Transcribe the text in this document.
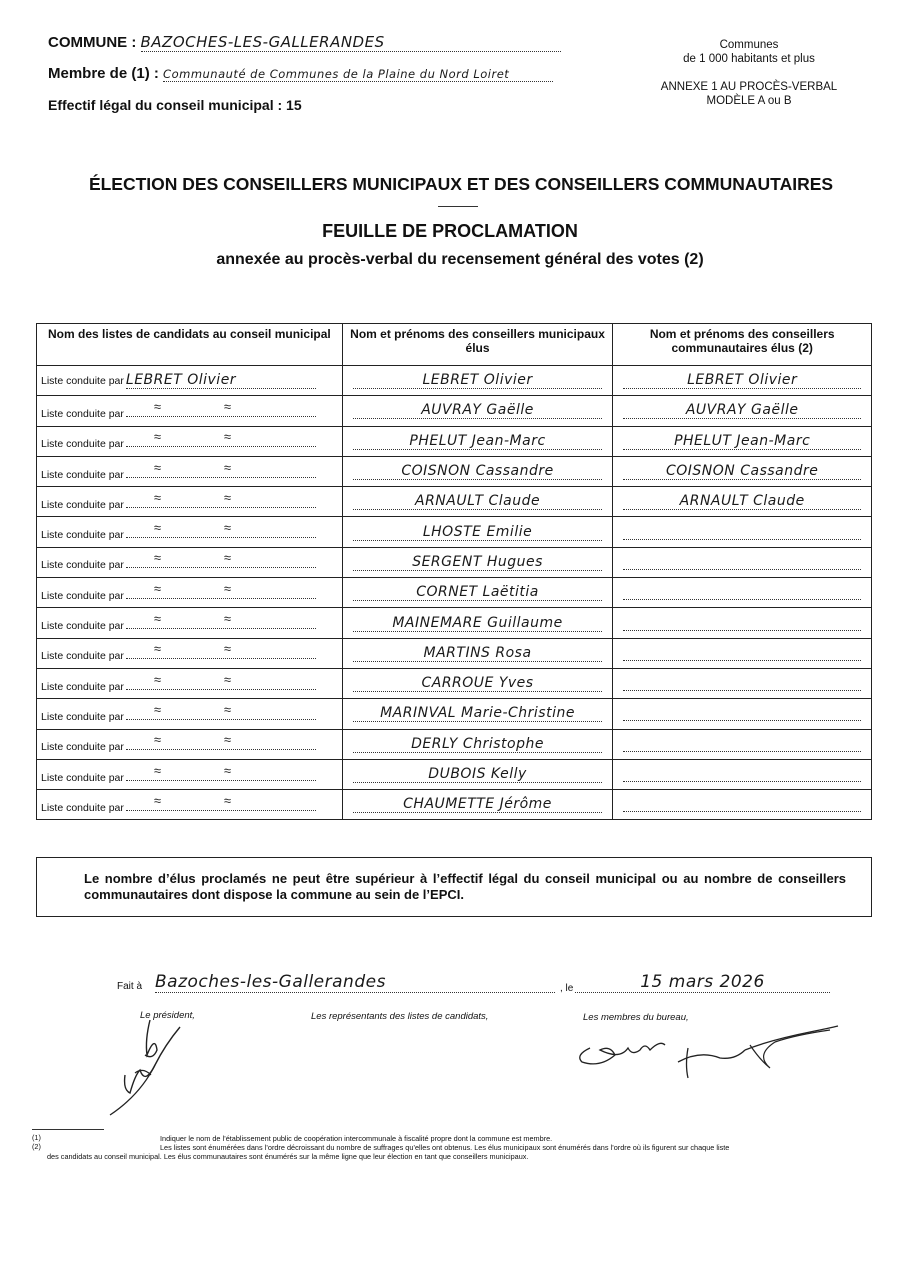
COMMUNE : BAZOCHES-LES-GALLERANDES
Membre de (1) : Communauté de Communes de la Plaine du Nord Loiret
Effectif légal du conseil municipal : 15
Communes
de 1 000 habitants et plus
ANNEXE 1 AU PROCÈS-VERBAL
MODÈLE A ou B
ÉLECTION DES CONSEILLERS MUNICIPAUX ET DES CONSEILLERS COMMUNAUTAIRES
FEUILLE DE PROCLAMATION
annexée au procès-verbal du recensement général des votes (2)
Nom des listes de candidats au conseil municipal	Nom et prénoms des conseillers municipaux élus	Nom et prénoms des conseillers communautaires élus (2)
Liste conduite par LEBRET Olivier	LEBRET Olivier	LEBRET Olivier

Liste conduite par ≈ ≈	AUVRAY Gaëlle	AUVRAY Gaëlle

Liste conduite par ≈ ≈	PHELUT Jean-Marc	PHELUT Jean-Marc

Liste conduite par ≈ ≈	COISNON Cassandre	COISNON Cassandre

Liste conduite par ≈ ≈	ARNAULT Claude	ARNAULT Claude

Liste conduite par ≈ ≈	LHOSTE Emilie	

Liste conduite par ≈ ≈	SERGENT Hugues	

Liste conduite par ≈ ≈	CORNET Laëtitia	

Liste conduite par ≈ ≈	MAINEMARE Guillaume	

Liste conduite par ≈ ≈	MARTINS Rosa	

Liste conduite par ≈ ≈	CARROUE Yves	

Liste conduite par ≈ ≈	MARINVAL Marie-Christine	

Liste conduite par ≈ ≈	DERLY Christophe	

Liste conduite par ≈ ≈	DUBOIS Kelly	

Liste conduite par ≈ ≈	CHAUMETTE Jérôme	

Le nombre d’élus proclamés ne peut être supérieur à l’effectif légal du conseil municipal ou au nombre de conseillers communautaires dont dispose la commune au sein de l’EPCI.
Fait à Bazoches-les-Gallerandes	, le	15 mars 2026
Le président,	Les représentants des listes de candidats,	Les membres du bureau,
(1)	Indiquer le nom de l’établissement public de coopération intercommunale à fiscalité propre dont la commune est membre.
(2)	Les listes sont énumérées dans l’ordre décroissant du nombre de suffrages qu’elles ont obtenus. Les élus municipaux sont énumérés dans l’ordre où ils figurent sur chaque liste
des candidats au conseil municipal. Les élus communautaires sont énumérés sur la même ligne que leur élection en tant que conseillers municipaux.
